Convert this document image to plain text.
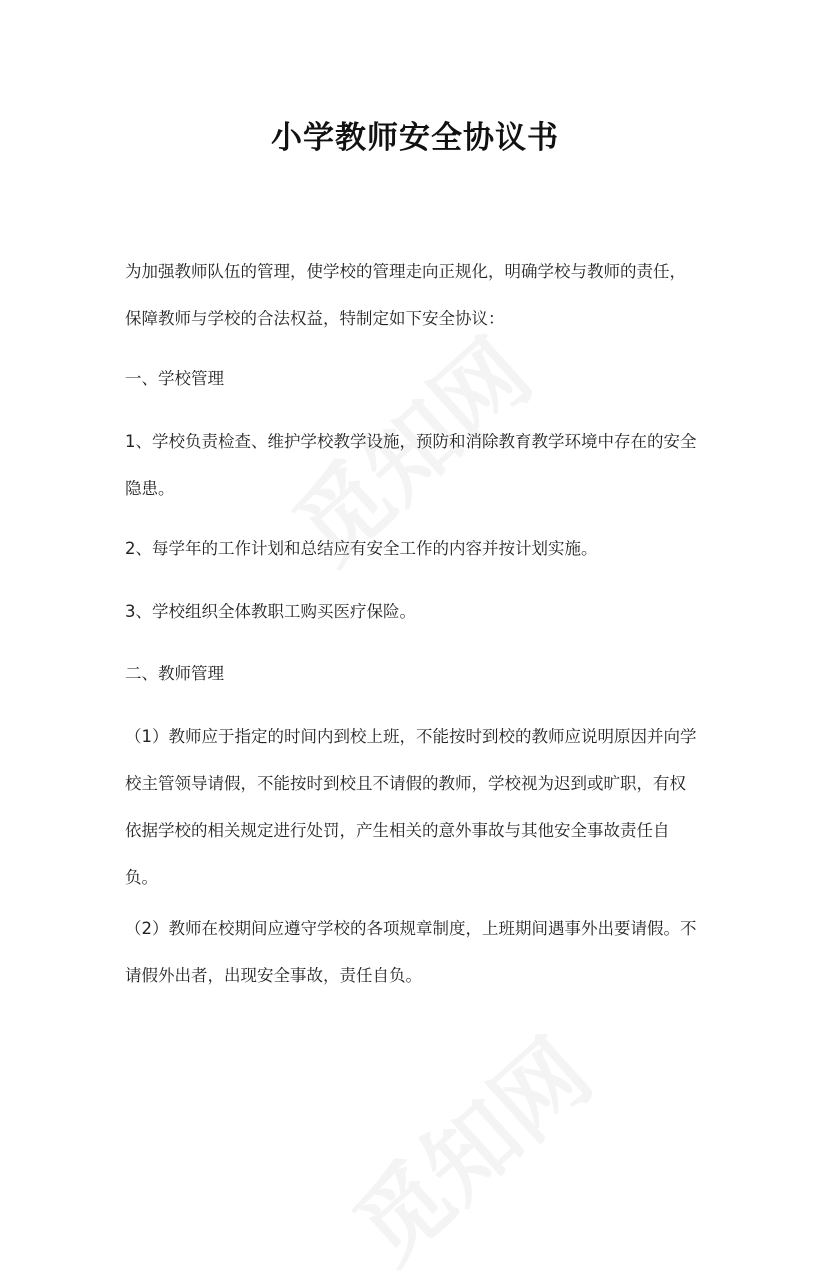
小学教师安全协议书
为加强教师队伍的管理，使学校的管理走向正规化，明确学校与教师的责任，
保障教师与学校的合法权益，特制定如下安全协议：
一、学校管理
1、学校负责检查、维护学校教学设施，预防和消除教育教学环境中存在的安全
隐患。
2、每学年的工作计划和总结应有安全工作的内容并按计划实施。
3、学校组织全体教职工购买医疗保险。
二、教师管理
（1）教师应于指定的时间内到校上班，不能按时到校的教师应说明原因并向学
校主管领导请假，不能按时到校且不请假的教师，学校视为迟到或旷职，有权
依据学校的相关规定进行处罚，产生相关的意外事故与其他安全事故责任自
负。
（2）教师在校期间应遵守学校的各项规章制度，上班期间遇事外出要请假。不
请假外出者，出现安全事故，责任自负。
